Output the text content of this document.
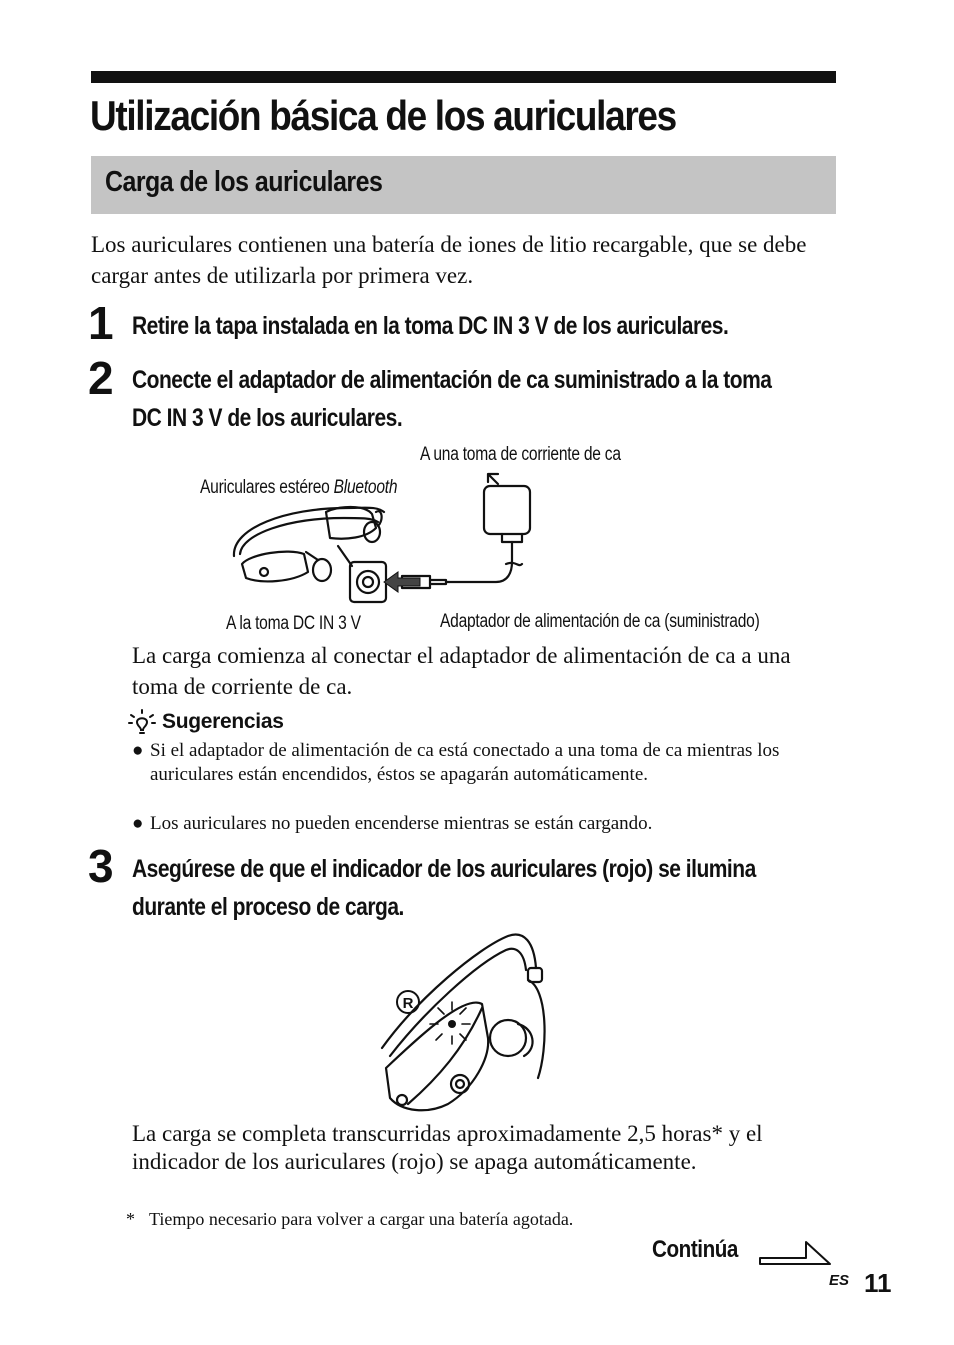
Utilización básica de los auriculares
Carga de los auriculares
Los auriculares contienen una batería de iones de litio recargable, que se debe cargar antes de utilizarla por primera vez.
1 Retire la tapa instalada en la toma DC IN 3 V de los auriculares.
2 Conecte el adaptador de alimentación de ca suministrado a la toma DC IN 3 V de los auriculares.
A una toma de corriente de ca
Auriculares estéreo Bluetooth
A la toma DC IN 3 V	Adaptador de alimentación de ca (suministrado)
La carga comienza al conectar el adaptador de alimentación de ca a una toma de corriente de ca.
Sugerencias
● Si el adaptador de alimentación de ca está conectado a una toma de ca mientras los auriculares están encendidos, éstos se apagarán automáticamente.
● Los auriculares no pueden encenderse mientras se están cargando.
3 Asegúrese de que el indicador de los auriculares (rojo) se ilumina durante el proceso de carga.
R
La carga se completa transcurridas aproximadamente 2,5 horas* y el indicador de los auriculares (rojo) se apaga automáticamente.
* Tiempo necesario para volver a cargar una batería agotada.
Continúa
ES 11
